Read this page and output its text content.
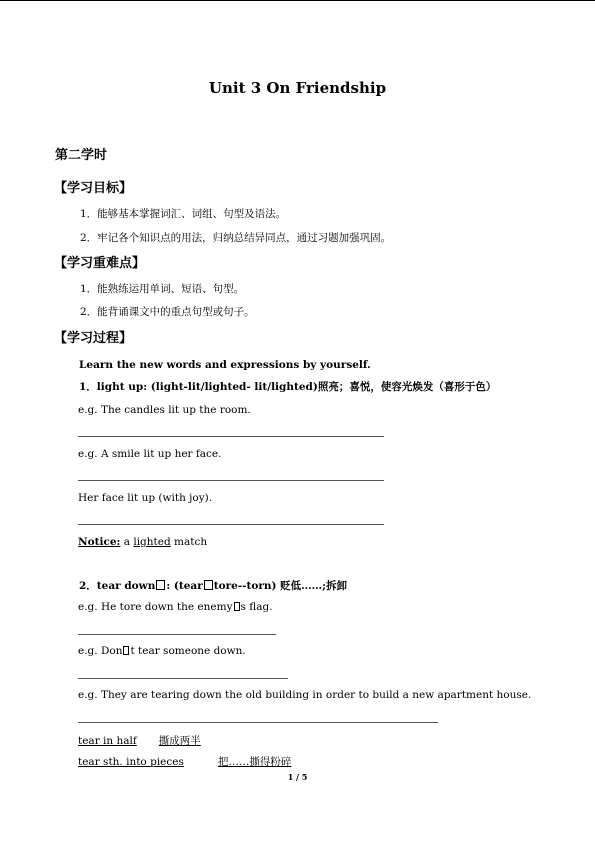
Unit 3 On Friendship
第二学时
【学习目标】
1．能够基本掌握词汇、词组、句型及语法。
2．牢记各个知识点的用法，归纳总结异同点，通过习题加强巩固。
【学习重难点】
1．能熟练运用单词、短语、句型。
2．能背诵课文中的重点句型或句子。
【学习过程】
Learn the new words and expressions by yourself.
1．light up: (light-lit/lighted- lit/lighted)照亮；喜悦，使容光焕发（喜形于色）
e.g. The candles lit up the room.
e.g. A smile lit up her face.
Her face lit up (with joy).
Notice: a lighted match
2．tear down : (tear tore--torn) 贬低……;拆卸
e.g. He tore down the enemy s flag.
e.g. Don t tear someone down.
e.g. They are tearing down the old building in order to build a new apartment house.
tear in half 撕成两半
tear sth. into pieces	把……撕得粉碎
1 / 5
